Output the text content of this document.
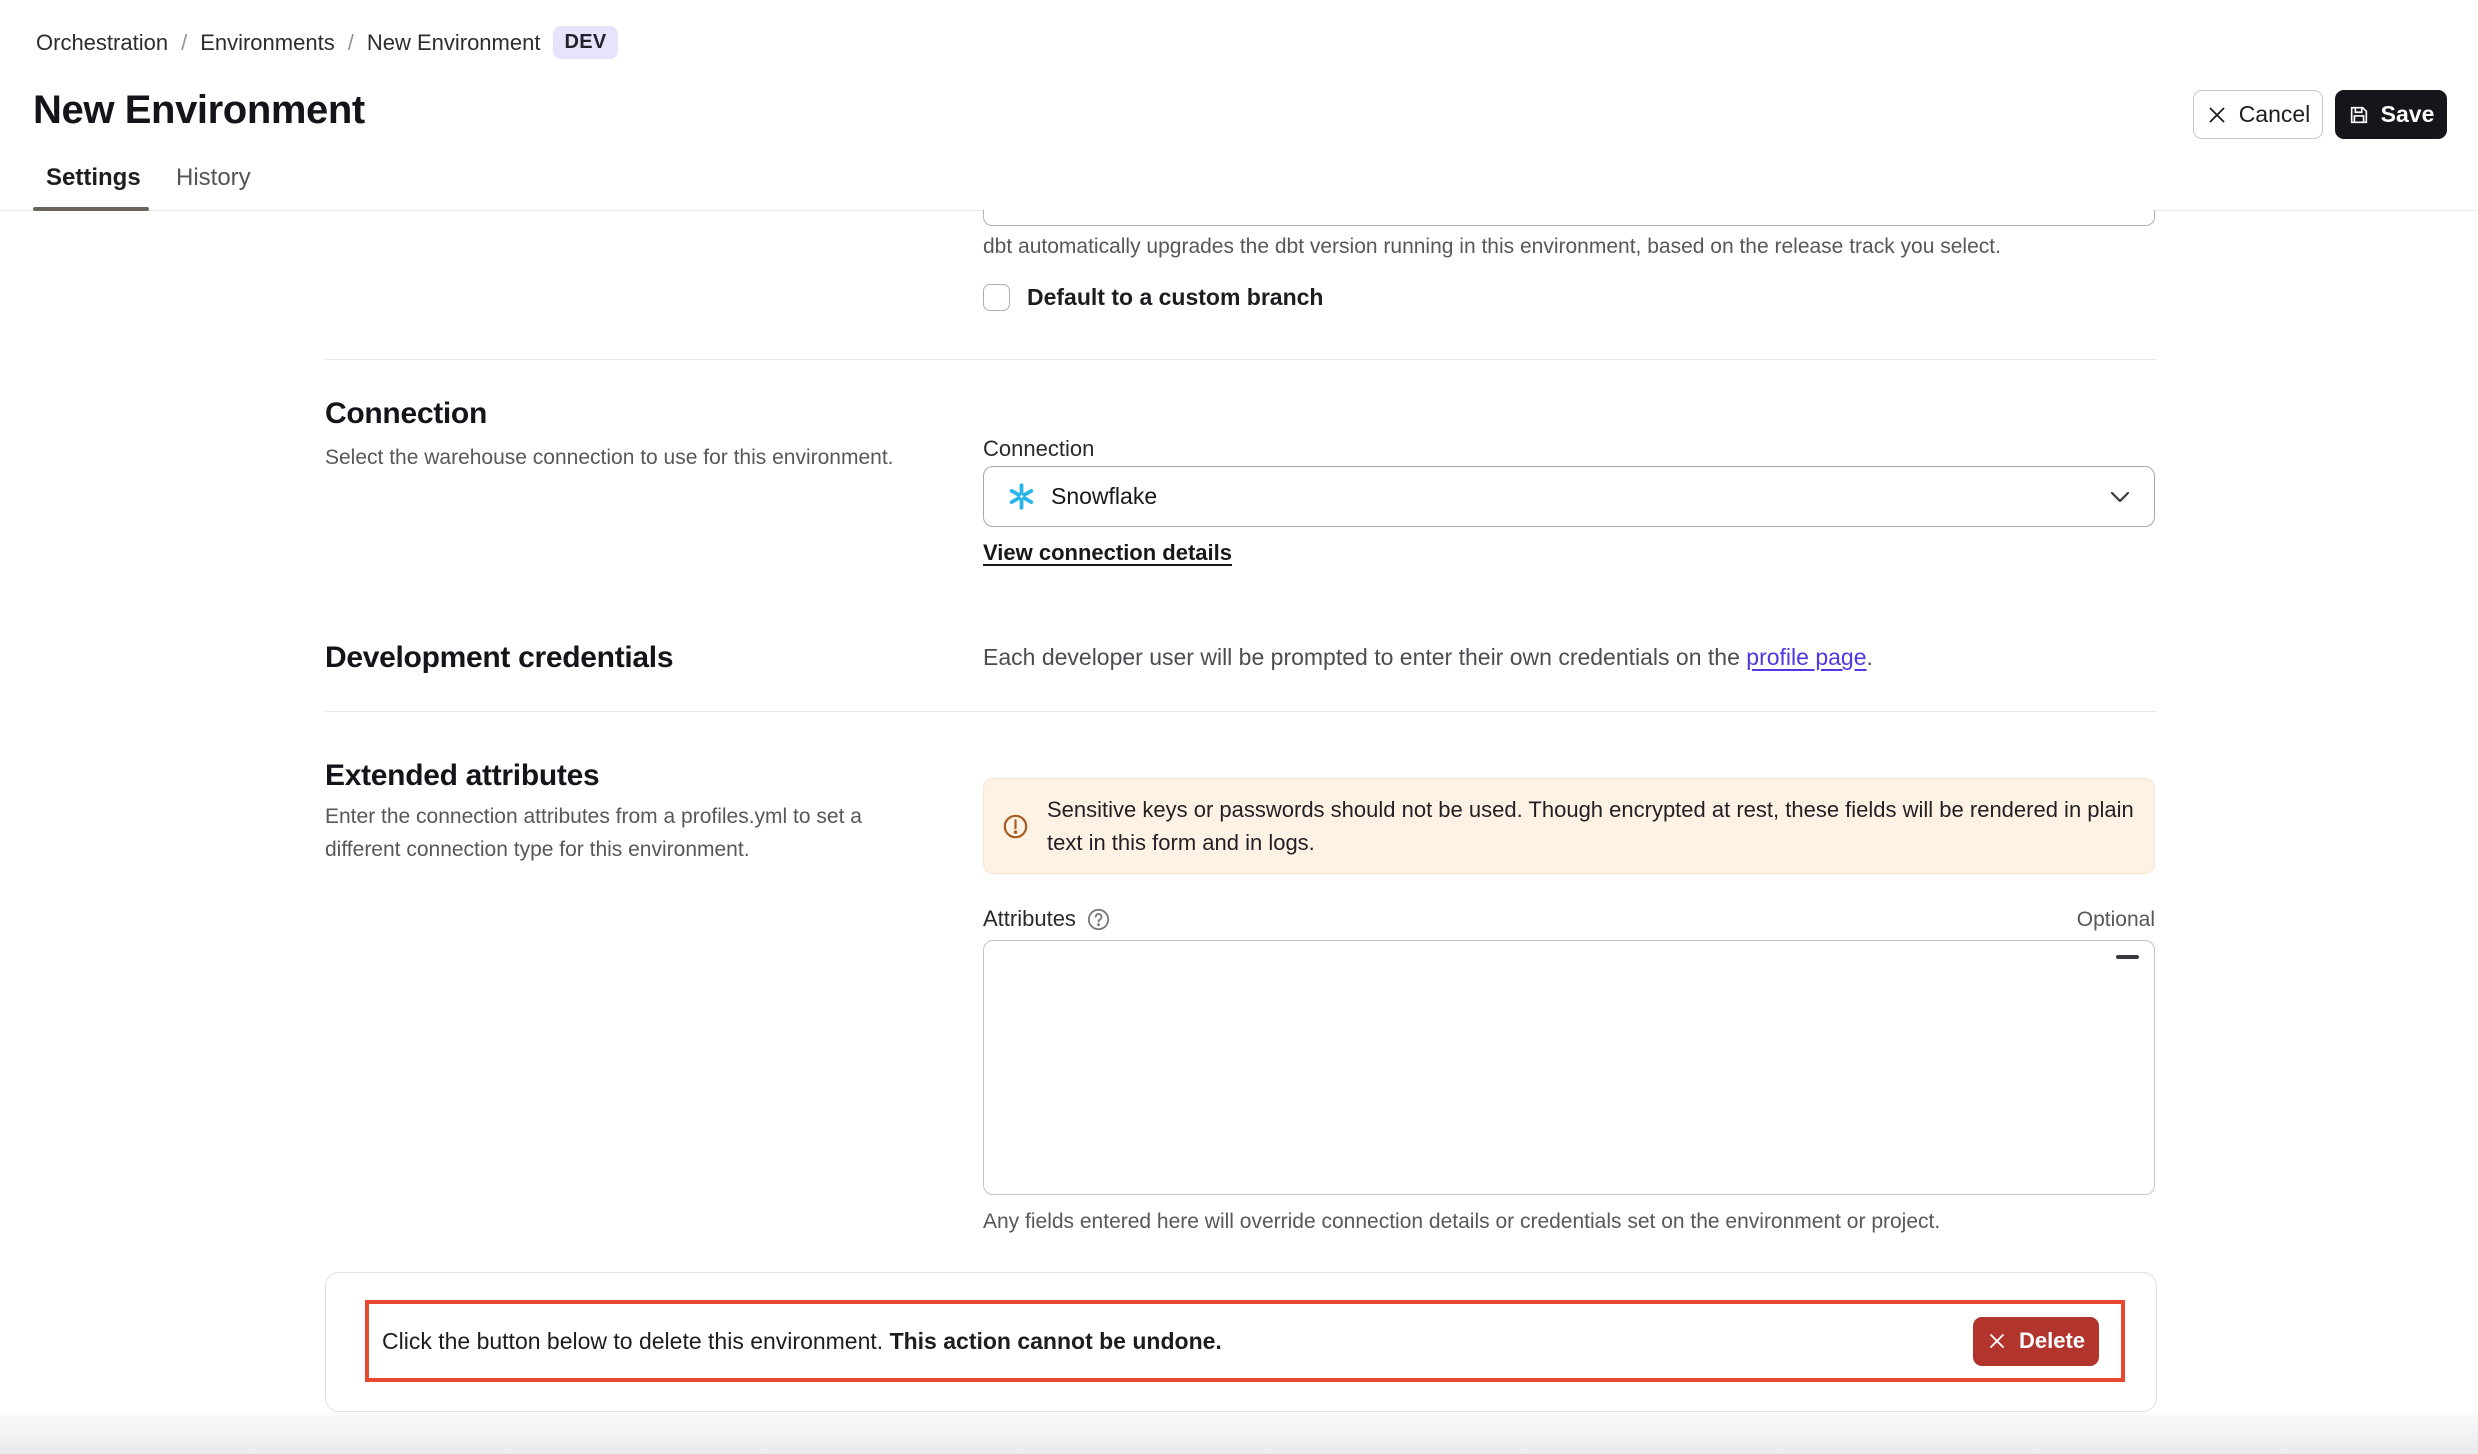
Orchestration / Environments / New Environment	DEV
New Environment	Cancel	Save
Settings History
dbt automatically upgrades the dbt version running in this environment, based on the release track you select.
Default to a custom branch
Connection
Select the warehouse connection to use for this environment.	Connection
Snowflake
View connection details
Development credentials	Each developer user will be prompted to enter their own credentials on the profile page.
Extended attributes
Enter the connection attributes from a profiles.yml to set a different connection type for this environment.
Sensitive keys or passwords should not be used. Though encrypted at rest, these fields will be rendered in plain text in this form and in logs.
Attributes	Optional
Any fields entered here will override connection details or credentials set on the environment or project.
Click the button below to delete this environment. This action cannot be undone.	Delete
